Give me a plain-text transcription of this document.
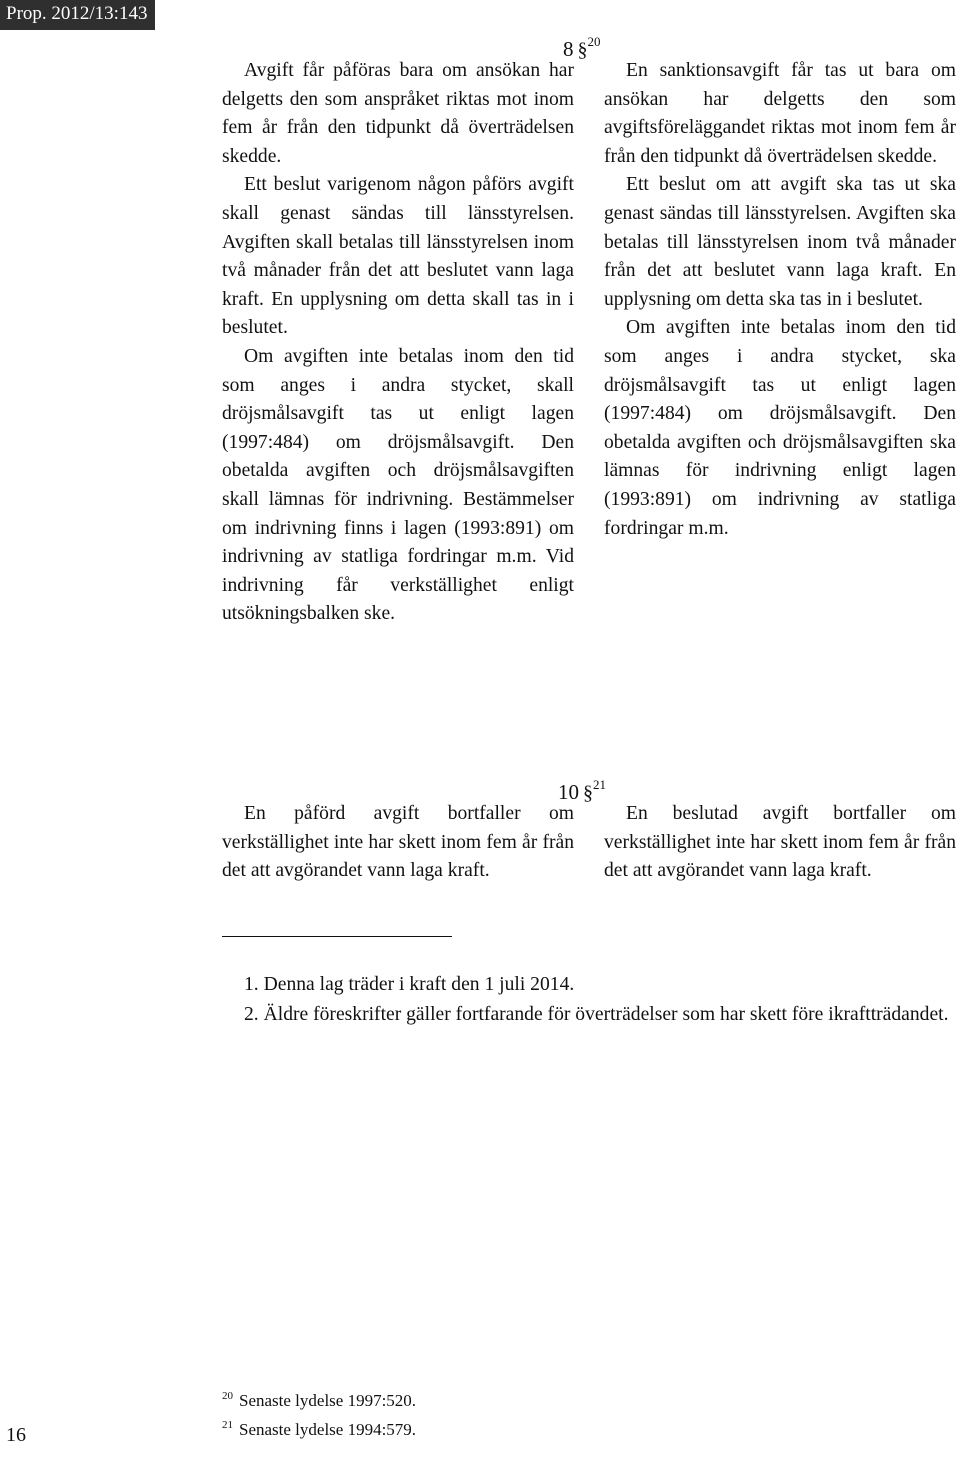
Prop. 2012/13:143
8 §$^{20}$

Avgift får påföras bara om ansökan har delgetts den som anspråket riktas mot inom fem år från den tidpunkt då överträdelsen skedde.

Ett beslut varigenom någon påförs avgift skall genast sändas till länsstyrelsen. Avgiften skall betalas till länsstyrelsen inom två månader från det att beslutet vann laga kraft. En upplysning om detta skall tas in i beslutet.

Om avgiften inte betalas inom den tid som anges i andra stycket, skall dröjsmålsavgift tas ut enligt lagen (1997:484) om dröjsmålsavgift. Den obetalda avgiften och dröjsmålsavgiften skall lämnas för indrivning. Bestämmelser om indrivning finns i lagen (1993:891) om indrivning av statliga fordringar m.m. Vid indrivning får verkställighet enligt utsökningsbalken ske.

En sanktionsavgift får tas ut bara om ansökan har delgetts den som avgiftsföreläggandet riktas mot inom fem år från den tidpunkt då överträdelsen skedde.

Ett beslut om att avgift ska tas ut ska genast sändas till länsstyrelsen. Avgiften ska betalas till länsstyrelsen inom två månader från det att beslutet vann laga kraft. En upplysning om detta ska tas in i beslutet.

Om avgiften inte betalas inom den tid som anges i andra stycket, ska dröjsmålsavgift tas ut enligt lagen (1997:484) om dröjsmålsavgift. Den obetalda avgiften och dröjsmålsavgiften ska lämnas för indrivning enligt lagen (1993:891) om indrivning av statliga fordringar m.m.

10 §$^{21}$

En påförd avgift bortfaller om verkställighet inte har skett inom fem år från det att avgörandet vann laga kraft.

En beslutad avgift bortfaller om verkställighet inte har skett inom fem år från det att avgörandet vann laga kraft.

1. Denna lag träder i kraft den 1 juli 2014.

2. Äldre föreskrifter gäller fortfarande för överträdelser som har skett före ikraftträdandet.

$^{20}$ Senaste lydelse 1997:520.

$^{21}$ Senaste lydelse 1994:579.

16
